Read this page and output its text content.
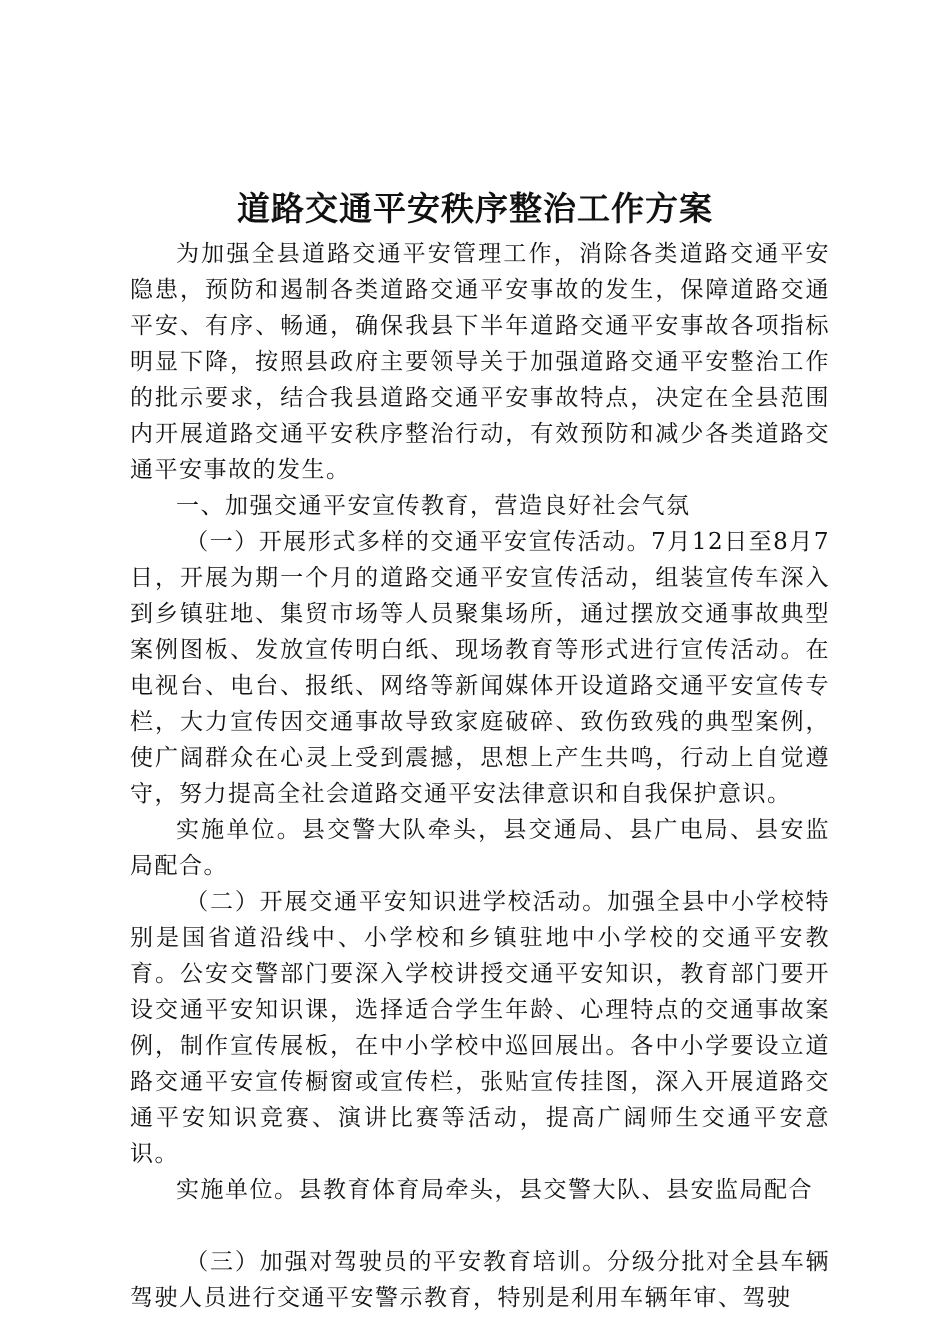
道路交通平安秩序整治工作方案

为加强全县道路交通平安管理工作，消除各类道路交通平安隐患，预防和遏制各类道路交通平安事故的发生，保障道路交通平安、有序、畅通，确保我县下半年道路交通平安事故各项指标明显下降，按照县政府主要领导关于加强道路交通平安整治工作的批示要求，结合我县道路交通平安事故特点，决定在全县范围内开展道路交通平安秩序整治行动，有效预防和减少各类道路交通平安事故的发生。

一、加强交通平安宣传教育，营造良好社会气氛

（一）开展形式多样的交通平安宣传活动。7月12日至8月7日，开展为期一个月的道路交通平安宣传活动，组装宣传车深入到乡镇驻地、集贸市场等人员聚集场所，通过摆放交通事故典型案例图板、发放宣传明白纸、现场教育等形式进行宣传活动。在电视台、电台、报纸、网络等新闻媒体开设道路交通平安宣传专栏，大力宣传因交通事故导致家庭破碎、致伤致残的典型案例，使广阔群众在心灵上受到震撼，思想上产生共鸣，行动上自觉遵守，努力提高全社会道路交通平安法律意识和自我保护意识。

实施单位。县交警大队牵头，县交通局、县广电局、县安监局配合。

（二）开展交通平安知识进学校活动。加强全县中小学校特别是国省道沿线中、小学校和乡镇驻地中小学校的交通平安教育。公安交警部门要深入学校讲授交通平安知识，教育部门要开设交通平安知识课，选择适合学生年龄、心理特点的交通事故案例，制作宣传展板，在中小学校中巡回展出。各中小学要设立道路交通平安宣传橱窗或宣传栏，张贴宣传挂图，深入开展道路交通平安知识竞赛、演讲比赛等活动，提高广阔师生交通平安意识。

实施单位。县教育体育局牵头，县交警大队、县安监局配合

（三）加强对驾驶员的平安教育培训。分级分批对全县车辆驾驶人员进行交通平安警示教育，特别是利用车辆年审、驾驶
